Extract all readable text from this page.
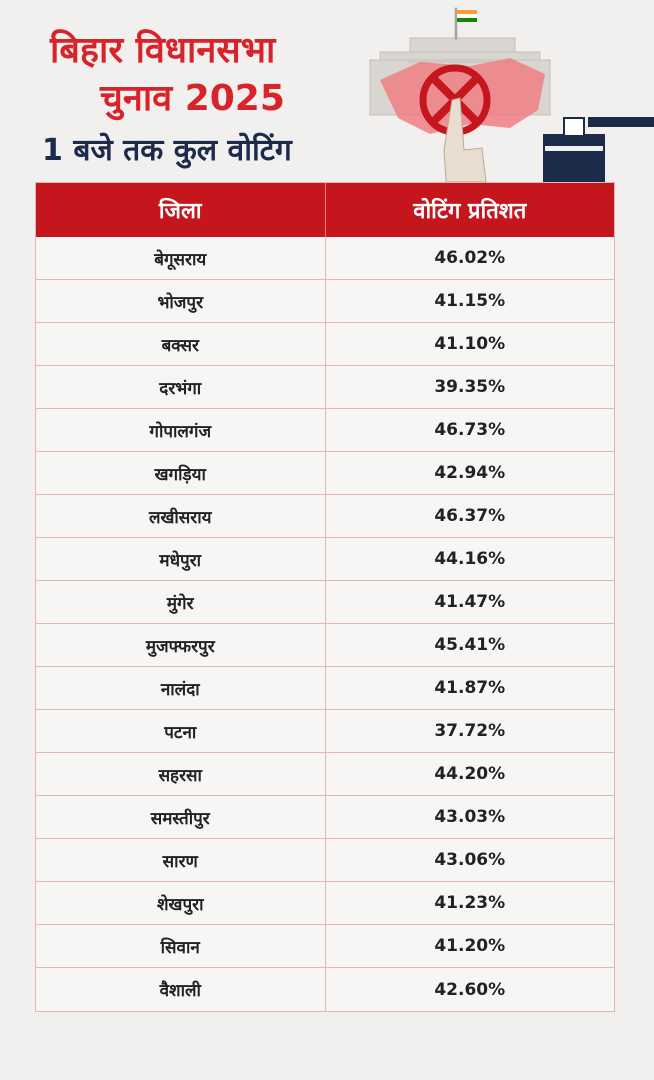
बिहार विधानसभा
चुनाव 2025
1 बजे तक कुल वोटिंग
जिला	वोटिंग प्रतिशत
बेगूसराय	46.02%
भोजपुर	41.15%
बक्सर	41.10%
दरभंगा	39.35%
गोपालगंज	46.73%
खगड़िया	42.94%
लखीसराय	46.37%
मधेपुरा	44.16%
मुंगेर	41.47%
मुजफ्फरपुर	45.41%
नालंदा	41.87%
पटना	37.72%
सहरसा	44.20%
समस्तीपुर	43.03%
सारण	43.06%
शेखपुरा	41.23%
सिवान	41.20%
वैशाली	42.60%
